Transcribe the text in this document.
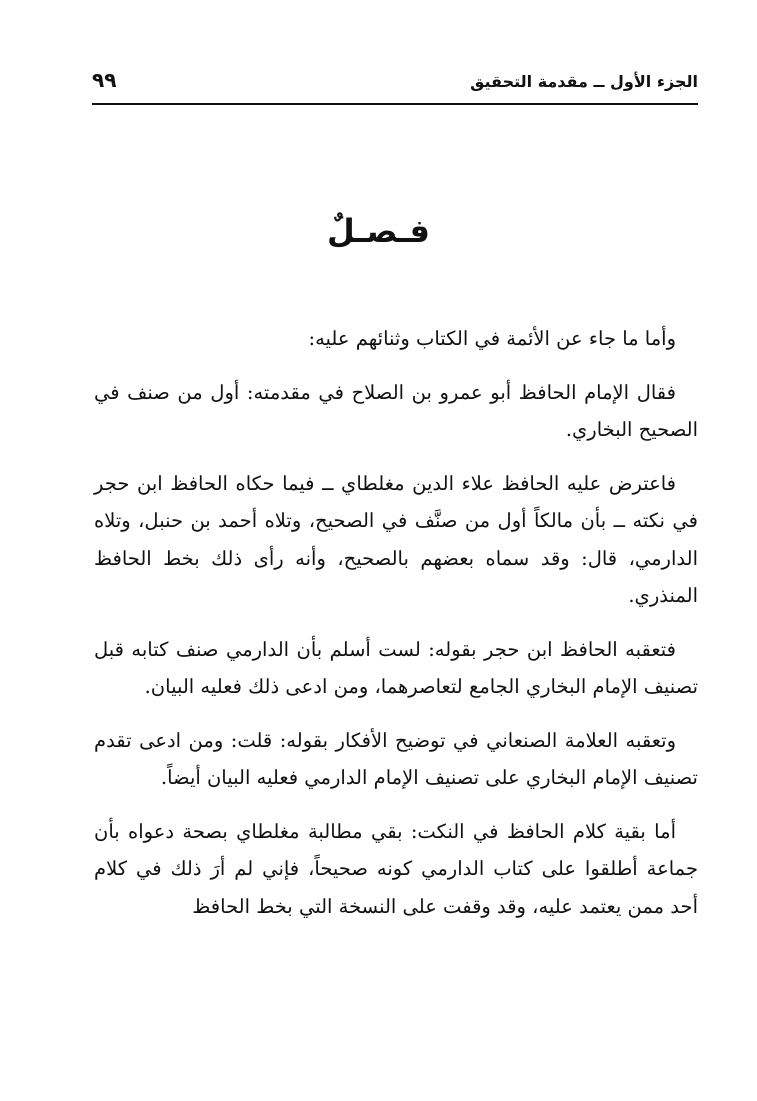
الجزء الأول ــ مقدمة التحقيق
٩٩
فـصـلٌ

وأما ما جاء عن الأئمة في الكتاب وثنائهم عليه:

فقال الإمام الحافظ أبو عمرو بن الصلاح في مقدمته: أول من صنف في الصحيح البخاري.

فاعترض عليه الحافظ علاء الدين مغلطاي ــ فيما حكاه الحافظ ابن حجر في نكته ــ بأن مالكاً أول من صنَّف في الصحيح، وتلاه أحمد بن حنبل، وتلاه الدارمي، قال: وقد سماه بعضهم بالصحيح، وأنه رأى ذلك بخط الحافظ المنذري.

فتعقبه الحافظ ابن حجر بقوله: لست أسلم بأن الدارمي صنف كتابه قبل تصنيف الإمام البخاري الجامع لتعاصرهما، ومن ادعى ذلك فعليه البيان.

وتعقبه العلامة الصنعاني في توضيح الأفكار بقوله: قلت: ومن ادعى تقدم تصنيف الإمام البخاري على تصنيف الإمام الدارمي فعليه البيان أيضاً.

أما بقية كلام الحافظ في النكت: بقي مطالبة مغلطاي بصحة دعواه بأن جماعة أطلقوا على كتاب الدارمي كونه صحيحاً، فإني لم أرَ ذلك في كلام أحد ممن يعتمد عليه، وقد وقفت على النسخة التي بخط الحافظ
